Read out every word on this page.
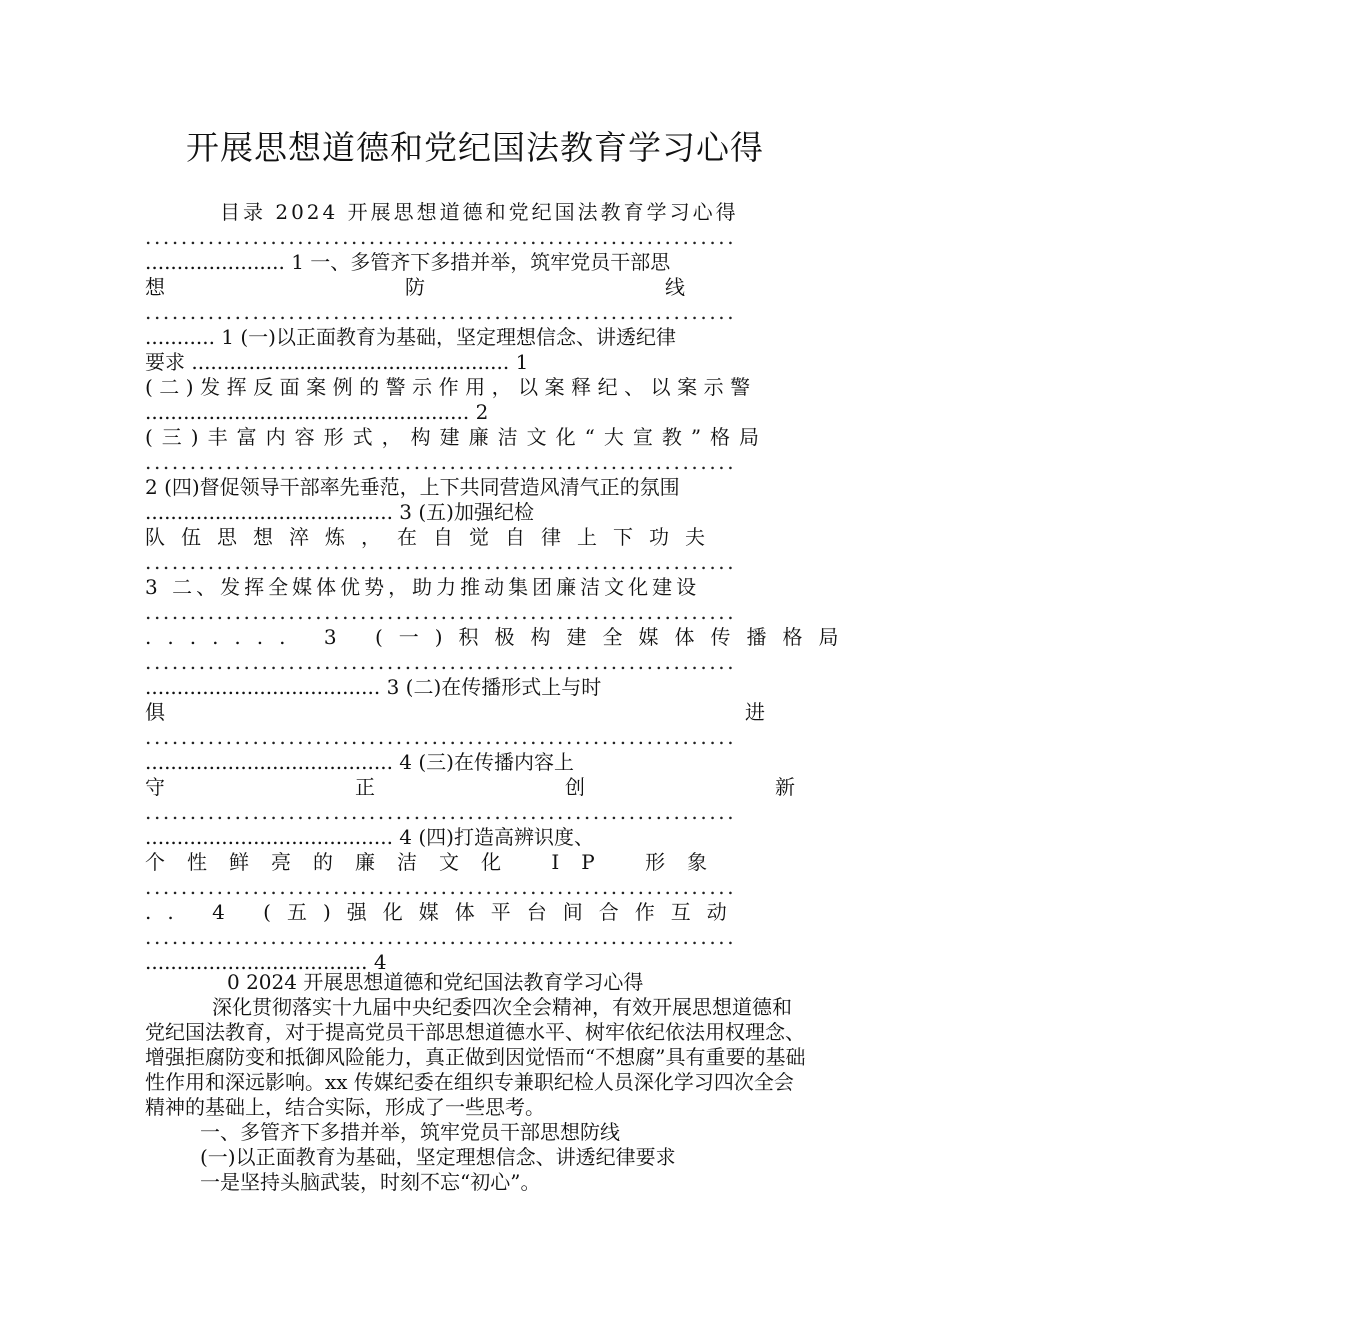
开展思想道德和党纪国法教育学习心得
目录 2024 开展思想道德和党纪国法教育学习心得
..................................................................
...................... 1 一、多管齐下多措并举，筑牢党员干部思
想防线
..................................................................
........... 1 (一)以正面教育为基础，坚定理想信念、讲透纪律
要求 .................................................. 1
(二)发挥反面案例的警示作用，以案释纪、以案示警
................................................... 2
(三)丰富内容形式，构建廉洁文化“大宣教”格局
..................................................................
2 (四)督促领导干部率先垂范，上下共同营造风清气正的氛围
....................................... 3 (五)加强纪检
队伍思想淬炼，在自觉自律上下功夫
..................................................................
3 二、发挥全媒体优势，助力推动集团廉洁文化建设
..................................................................
....... 3 (一)积极构建全媒体传播格局
..................................................................
..................................... 3 (二)在传播形式上与时
俱进
..................................................................
....................................... 4 (三)在传播内容上
守正创新
..................................................................
....................................... 4 (四)打造高辨识度、
个性鲜亮的廉洁文化 IP 形象
..................................................................
.. 4 (五)强化媒体平台间合作互动
..................................................................
................................... 4

0 2024 开展思想道德和党纪国法教育学习心得

深化贯彻落实十九届中央纪委四次全会精神，有效开展思想道德和党纪国法教育，对于提高党员干部思想道德水平、树牢依纪依法用权理念、增强拒腐防变和抵御风险能力，真正做到因觉悟而“不想腐”具有重要的基础性作用和深远影响。xx 传媒纪委在组织专兼职纪检人员深化学习四次全会精神的基础上，结合实际，形成了一些思考。

一、多管齐下多措并举，筑牢党员干部思想防线

(一)以正面教育为基础，坚定理想信念、讲透纪律要求

一是坚持头脑武装，时刻不忘“初心”。
